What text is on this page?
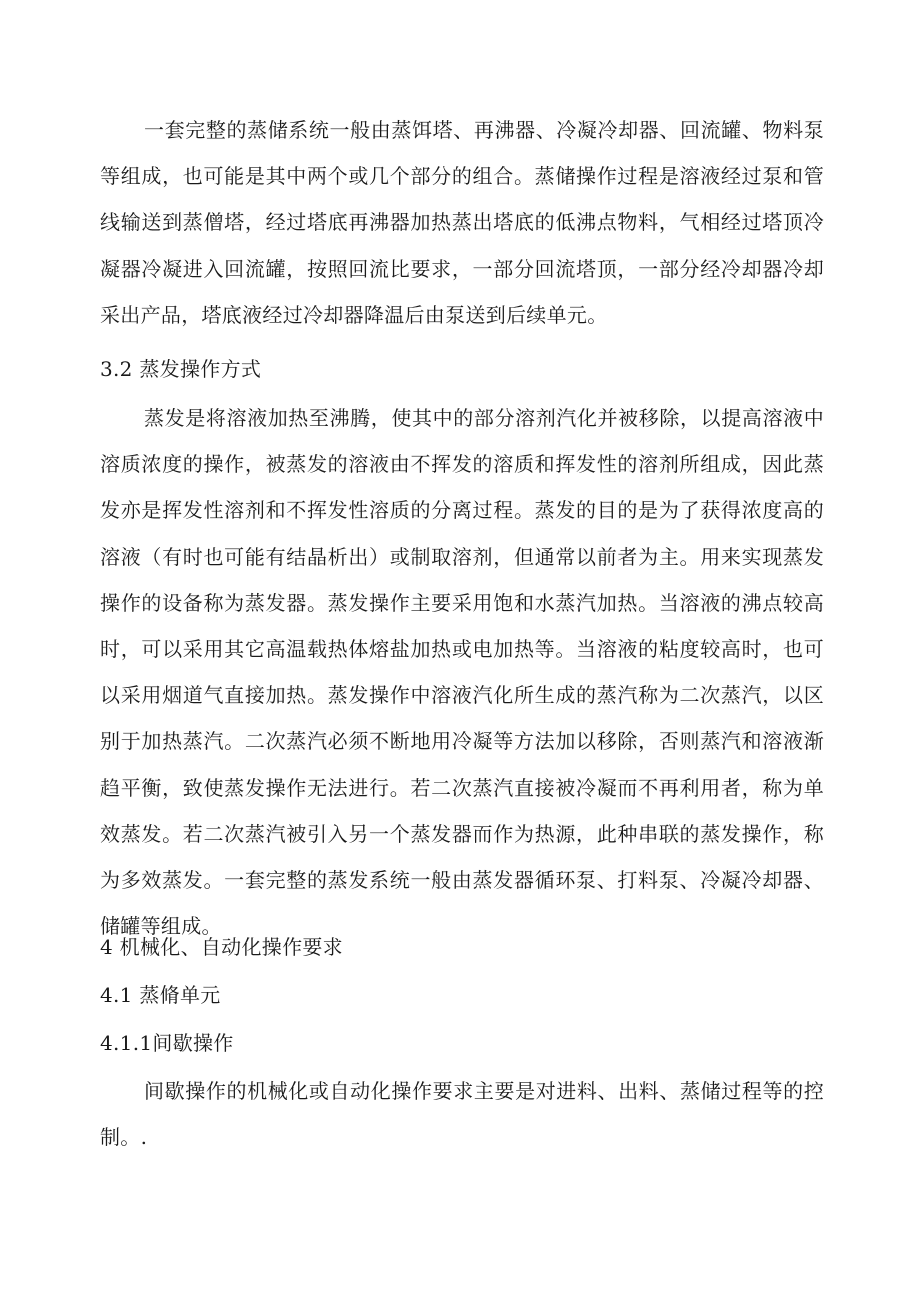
一套完整的蒸储系统一般由蒸饵塔、再沸器、冷凝冷却器、回流罐、物料泵等组成，也可能是其中两个或几个部分的组合。蒸储操作过程是溶液经过泵和管线输送到蒸僧塔，经过塔底再沸器加热蒸出塔底的低沸点物料，气相经过塔顶冷凝器冷凝进入回流罐，按照回流比要求，一部分回流塔顶，一部分经冷却器冷却采出产品，塔底液经过冷却器降温后由泵送到后续单元。

3.2 蒸发操作方式

蒸发是将溶液加热至沸腾，使其中的部分溶剂汽化并被移除，以提高溶液中溶质浓度的操作，被蒸发的溶液由不挥发的溶质和挥发性的溶剂所组成，因此蒸发亦是挥发性溶剂和不挥发性溶质的分离过程。蒸发的目的是为了获得浓度高的溶液（有时也可能有结晶析出）或制取溶剂，但通常以前者为主。用来实现蒸发操作的设备称为蒸发器。蒸发操作主要采用饱和水蒸汽加热。当溶液的沸点较高时，可以采用其它高温载热体熔盐加热或电加热等。当溶液的粘度较高时，也可以采用烟道气直接加热。蒸发操作中溶液汽化所生成的蒸汽称为二次蒸汽，以区别于加热蒸汽。二次蒸汽必须不断地用冷凝等方法加以移除，否则蒸汽和溶液渐趋平衡，致使蒸发操作无法进行。若二次蒸汽直接被冷凝而不再利用者，称为单效蒸发。若二次蒸汽被引入另一个蒸发器而作为热源，此种串联的蒸发操作，称为多效蒸发。一套完整的蒸发系统一般由蒸发器循环泵、打料泵、冷凝冷却器、储罐等组成。

4 机械化、自动化操作要求
4.1 蒸脩单元
4.1.1间歇操作

间歇操作的机械化或自动化操作要求主要是对进料、出料、蒸储过程等的控制。.
